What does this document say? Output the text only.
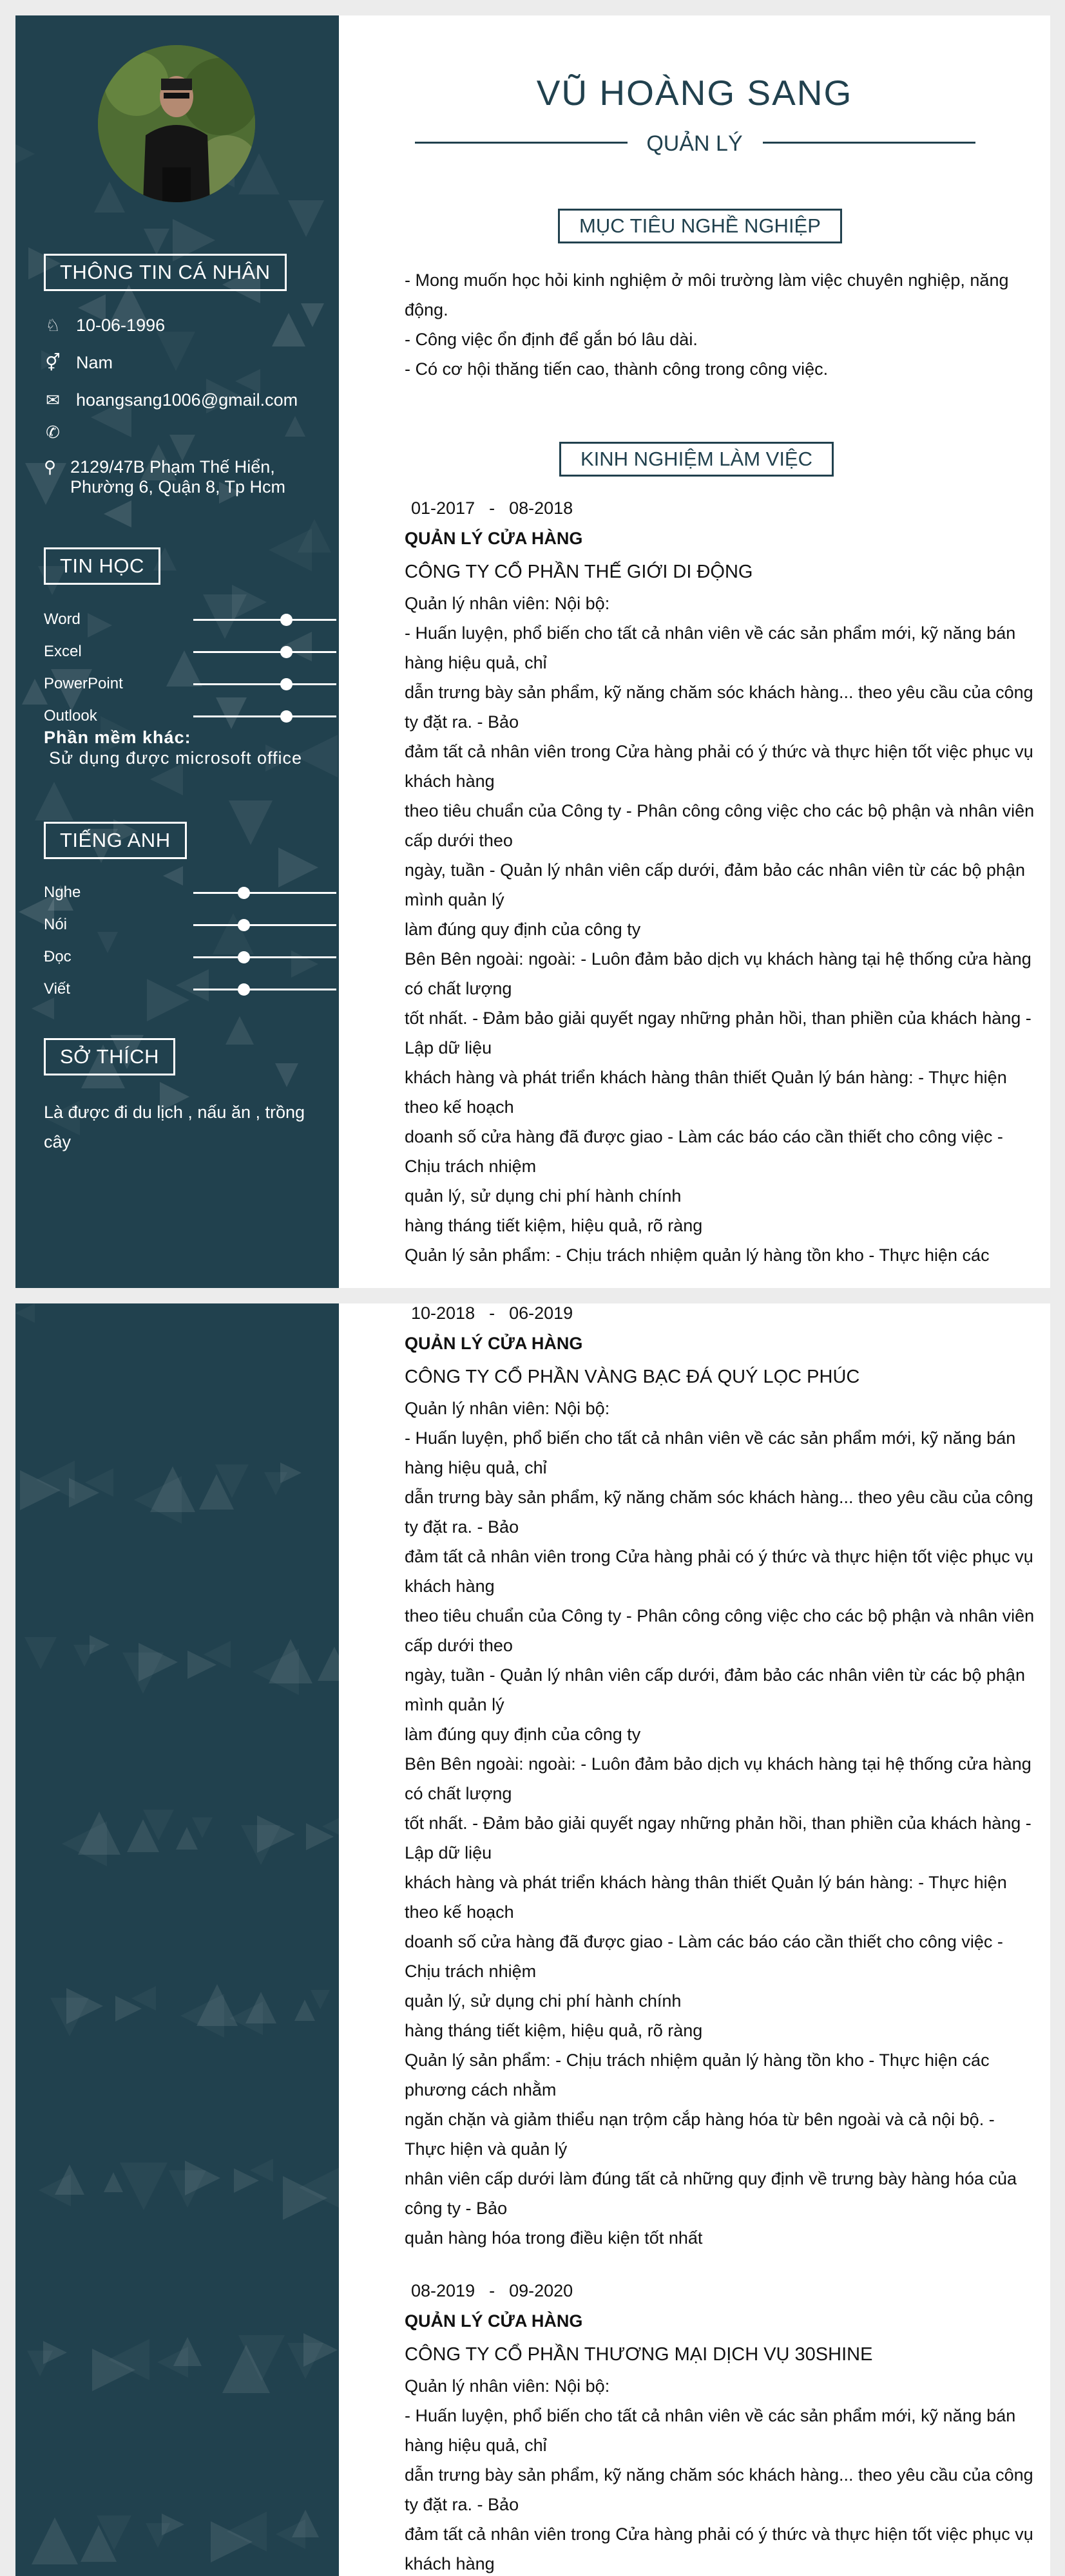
THÔNG TIN CÁ NHÂN
♘ 10-06-1996
⚥ Nam
✉ hoangsang1006@gmail.com
✆
⚲ 2129/47B Phạm Thế Hiển, Phường 6, Quận 8, Tp Hcm
TIN HỌC
Word
Excel
PowerPoint
Outlook
Phần mềm khác:
Sử dụng được microsoft office
TIẾNG ANH
Nghe
Nói
Đọc
Viết
SỞ THÍCH
Là được đi du lịch , nấu ăn , trồng cây
VŨ HOÀNG SANG
QUẢN LÝ
MỤC TIÊU NGHỀ NGHIỆP
- Mong muốn học hỏi kinh nghiệm ở môi trường làm việc chuyên nghiệp, năng động.
- Công việc ổn định để gắn bó lâu dài.
- Có cơ hội thăng tiến cao, thành công trong công việc.
KINH NGHIỆM LÀM VIỆC
01-2017 - 08-2018
QUẢN LÝ CỬA HÀNG
CÔNG TY CỔ PHẦN THẾ GIỚI DI ĐỘNG
Quản lý nhân viên: Nội bộ:
- Huấn luyện, phổ biến cho tất cả nhân viên về các sản phẩm mới, kỹ năng bán hàng hiệu quả, chỉ
dẫn trưng bày sản phẩm, kỹ năng chăm sóc khách hàng... theo yêu cầu của công ty đặt ra. - Bảo
đảm tất cả nhân viên trong Cửa hàng phải có ý thức và thực hiện tốt việc phục vụ khách hàng
theo tiêu chuẩn của Công ty - Phân công công việc cho các bộ phận và nhân viên cấp dưới theo
ngày, tuần - Quản lý nhân viên cấp dưới, đảm bảo các nhân viên từ các bộ phận mình quản lý
làm đúng quy định của công ty
Bên Bên ngoài: ngoài: - Luôn đảm bảo dịch vụ khách hàng tại hệ thống cửa hàng có chất lượng
tốt nhất. - Đảm bảo giải quyết ngay những phản hồi, than phiền của khách hàng - Lập dữ liệu
khách hàng và phát triển khách hàng thân thiết Quản lý bán hàng: - Thực hiện theo kế hoạch
doanh số cửa hàng đã được giao - Làm các báo cáo cần thiết cho công việc - Chịu trách nhiệm
quản lý, sử dụng chi phí hành chính
hàng tháng tiết kiệm, hiệu quả, rõ ràng
Quản lý sản phẩm: - Chịu trách nhiệm quản lý hàng tồn kho - Thực hiện các
10-2018 - 06-2019
QUẢN LÝ CỬA HÀNG
CÔNG TY CỔ PHẦN VÀNG BẠC ĐÁ QUÝ LỌC PHÚC
Quản lý nhân viên: Nội bộ:
- Huấn luyện, phổ biến cho tất cả nhân viên về các sản phẩm mới, kỹ năng bán hàng hiệu quả, chỉ
dẫn trưng bày sản phẩm, kỹ năng chăm sóc khách hàng... theo yêu cầu của công ty đặt ra. - Bảo
đảm tất cả nhân viên trong Cửa hàng phải có ý thức và thực hiện tốt việc phục vụ khách hàng
theo tiêu chuẩn của Công ty - Phân công công việc cho các bộ phận và nhân viên cấp dưới theo
ngày, tuần - Quản lý nhân viên cấp dưới, đảm bảo các nhân viên từ các bộ phận mình quản lý
làm đúng quy định của công ty
Bên Bên ngoài: ngoài: - Luôn đảm bảo dịch vụ khách hàng tại hệ thống cửa hàng có chất lượng
tốt nhất. - Đảm bảo giải quyết ngay những phản hồi, than phiền của khách hàng - Lập dữ liệu
khách hàng và phát triển khách hàng thân thiết Quản lý bán hàng: - Thực hiện theo kế hoạch
doanh số cửa hàng đã được giao - Làm các báo cáo cần thiết cho công việc - Chịu trách nhiệm
quản lý, sử dụng chi phí hành chính
hàng tháng tiết kiệm, hiệu quả, rõ ràng
Quản lý sản phẩm: - Chịu trách nhiệm quản lý hàng tồn kho - Thực hiện các phương cách nhằm
ngăn chặn và giảm thiểu nạn trộm cắp hàng hóa từ bên ngoài và cả nội bộ. - Thực hiện và quản lý
nhân viên cấp dưới làm đúng tất cả những quy định về trưng bày hàng hóa của công ty - Bảo
quản hàng hóa trong điều kiện tốt nhất
08-2019 - 09-2020
QUẢN LÝ CỬA HÀNG
CÔNG TY CỔ PHẦN THƯƠNG MẠI DỊCH VỤ 30SHINE
Quản lý nhân viên: Nội bộ:
- Huấn luyện, phổ biến cho tất cả nhân viên về các sản phẩm mới, kỹ năng bán hàng hiệu quả, chỉ
dẫn trưng bày sản phẩm, kỹ năng chăm sóc khách hàng... theo yêu cầu của công ty đặt ra. - Bảo
đảm tất cả nhân viên trong Cửa hàng phải có ý thức và thực hiện tốt việc phục vụ khách hàng
